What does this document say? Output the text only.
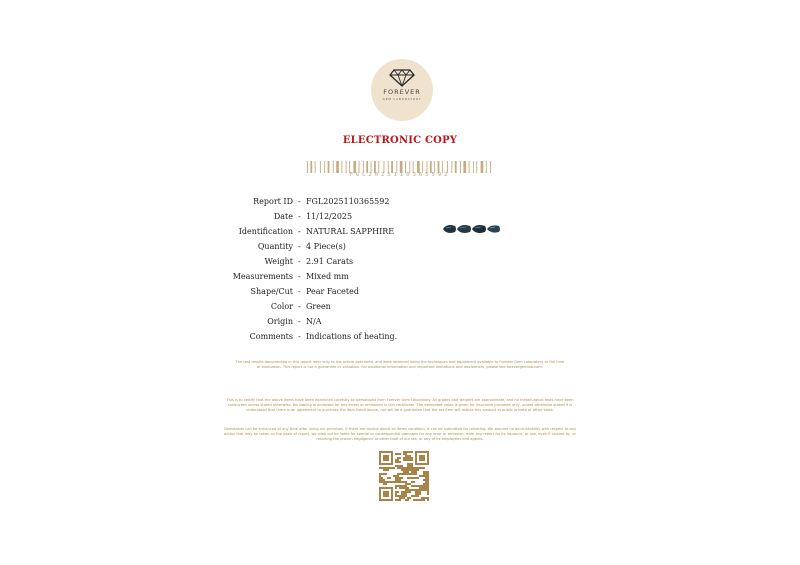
FOREVER
GEM LABORATORY
ELECTRONIC COPY
FGL2025110365592
Report ID - FGL2025110365592
Date - 11/12/2025
Identification - NATURAL SAPPHIRE
Quantity - 4 Piece(s)
Weight - 2.91 Carats
Measurements - Mixed mm
Shape/Cut - Pear Faceted
Color - Green
Origin - N/A
Comments - Indications of heating.
The test results documented in this report refer only to the article described, and were obtained using the techniques and equipment available to Forever Gem Laboratory at the time of evaluation. This report is not a guarantee or valuation. For additional information and important limitations and disclaimers, please see forevergemlab.com.
This is to certify that the above items have been examined carefully by gemologist from Forever Gem Laboratory. All grades and weights are approximate, and no metallurgical tests have been conducted unless stated otherwise. No liability is accepted for any errors or omissions in this certificate. The estimated value is given for insurance purposes only, unless otherwise stated it is understood that there is an agreement to purchase the item listed above, nor will be a guarantee that the set item will realize this amount at public private or other sales.
Gemstones can be enhanced at any time after living our premises. If there are doubts about an items condition, it can be submitted for retesting. We assume no accountability with respect to any action that may be taken on the basis of report, we shall not be liable for special or consequential damages for any error or omission, from any report for its issuance, or use, even if caused by, or resulting the proven negligence or other fault of our lab, or any of its employees and agents.
